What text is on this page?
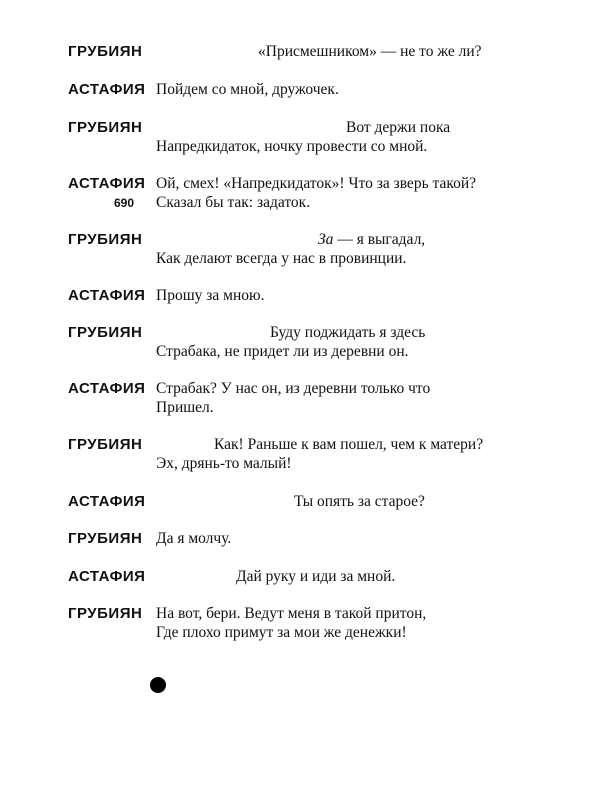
ГРУБИЯН	«Присмешником» — не то же ли?
АСТАФИЯ Пойдем со мной, дружочек.
ГРУБИЯН	Вот держи пока
Напредкидаток, ночку провести со мной.
АСТАФИЯ Ой, смех! «Напредкидаток»! Что за зверь такой?
690 Сказал бы так: задаток.
ГРУБИЯН	За — я выгадал,
Как делают всегда у нас в провинции.
АСТАФИЯ Прошу за мною.
ГРУБИЯН	Буду поджидать я здесь
Страбака, не придет ли из деревни он.
АСТАФИЯ Страбак? У нас он, из деревни только что
Пришел.
ГРУБИЯН	Как! Раньше к вам пошел, чем к матери?
Эх, дрянь-то малый!
АСТАФИЯ	Ты опять за старое?
ГРУБИЯН Да я молчу.
АСТАФИЯ	Дай руку и иди за мной.
ГРУБИЯН На вот, бери. Ведут меня в такой притон,
Где плохо примут за мои же денежки!
